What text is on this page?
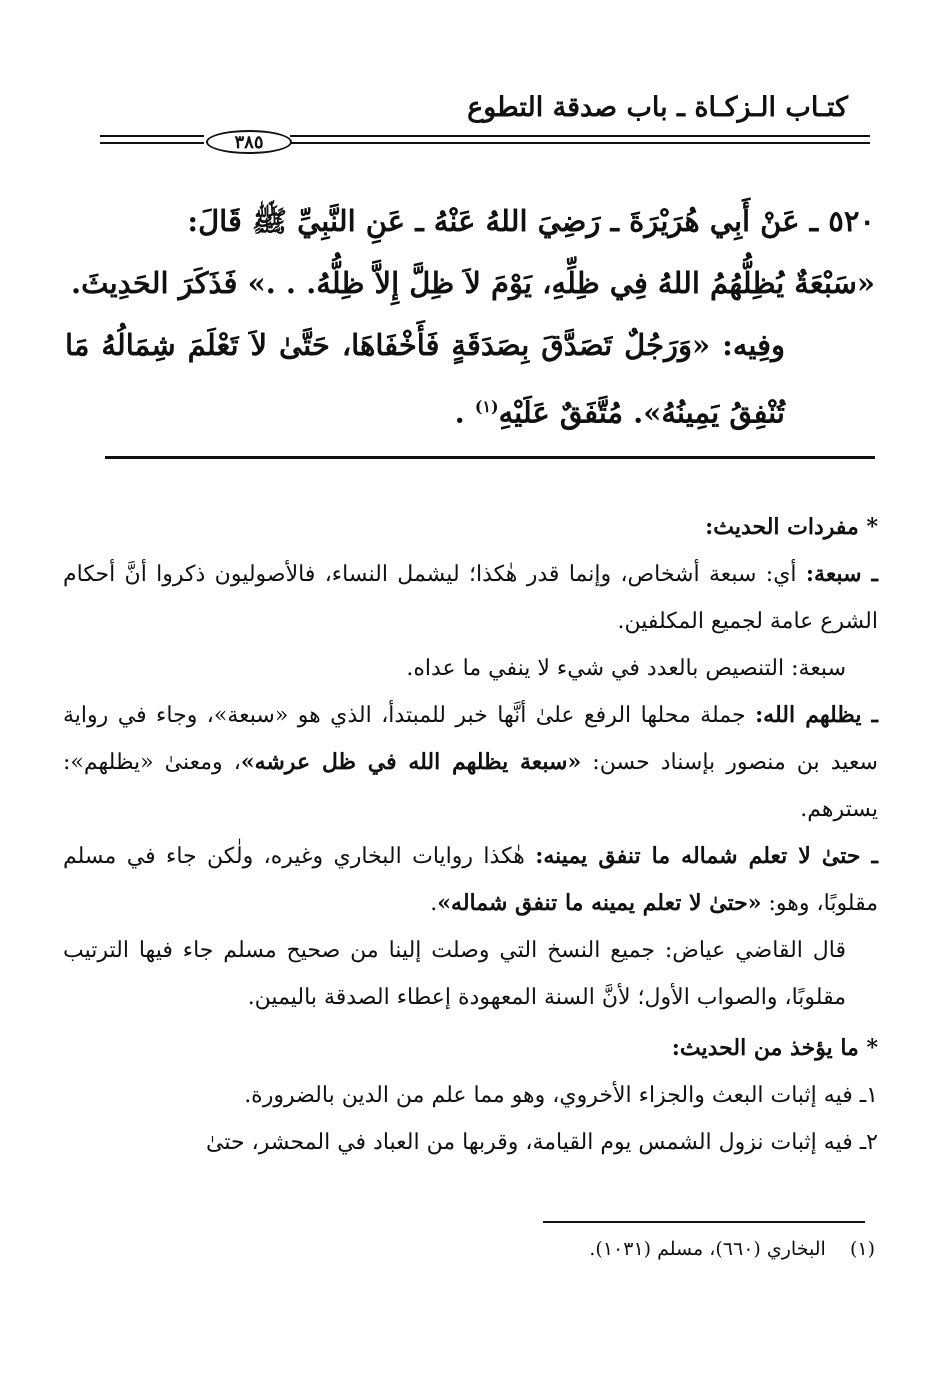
كتـاب الـزكـاة ـ باب صدقة التطوع
٣٨٥

٥٢٠ ـ عَنْ أَبِي هُرَيْرَةَ ـ رَضِيَ اللهُ عَنْهُ ـ عَنِ النَّبِيِّ ﷺ قَالَ:

«سَبْعَةٌ يُظِلُّهُمُ اللهُ فِي ظِلِّهِ، يَوْمَ لاَ ظِلَّ إِلاَّ ظِلُّهُ. . .» فَذَكَرَ الحَدِيثَ.

وفِيه: «وَرَجُلٌ تَصَدَّقَ بِصَدَقَةٍ فَأَخْفَاهَا، حَتَّىٰ لاَ تَعْلَمَ شِمَالُهُ مَا تُنْفِقُ يَمِينُهُ». مُتَّفَقٌ عَلَيْهِ$^{(١)}$ .

* مفردات الحديث:

ـ سبعة: أي: سبعة أشخاص، وإنما قدر هٰكذا؛ ليشمل النساء، فالأصوليون ذكروا أنَّ أحكام الشرع عامة لجميع المكلفين.

سبعة: التنصيص بالعدد في شيء لا ينفي ما عداه.

ـ يظلهم الله: جملة محلها الرفع علىٰ أنَّها خبر للمبتدأ، الذي هو «سبعة»، وجاء في رواية سعيد بن منصور بإسناد حسن: «سبعة يظلهم الله في ظل عرشه»، ومعنىٰ «يظلهم»: يسترهم.

ـ حتىٰ لا تعلم شماله ما تنفق يمينه: هٰكذا روايات البخاري وغيره، ولٰكن جاء في مسلم مقلوبًا، وهو: «حتىٰ لا تعلم يمينه ما تنفق شماله».

قال القاضي عياض: جميع النسخ التي وصلت إلينا من صحيح مسلم جاء فيها الترتيب مقلوبًا، والصواب الأول؛ لأنَّ السنة المعهودة إعطاء الصدقة باليمين.

* ما يؤخذ من الحديث:

١ـ فيه إثبات البعث والجزاء الأخروي، وهو مما علم من الدين بالضرورة.

٢ـ فيه إثبات نزول الشمس يوم القيامة، وقربها من العباد في المحشر، حتىٰ

(١)    البخاري (٦٦٠)، مسلم (١٠٣١).
